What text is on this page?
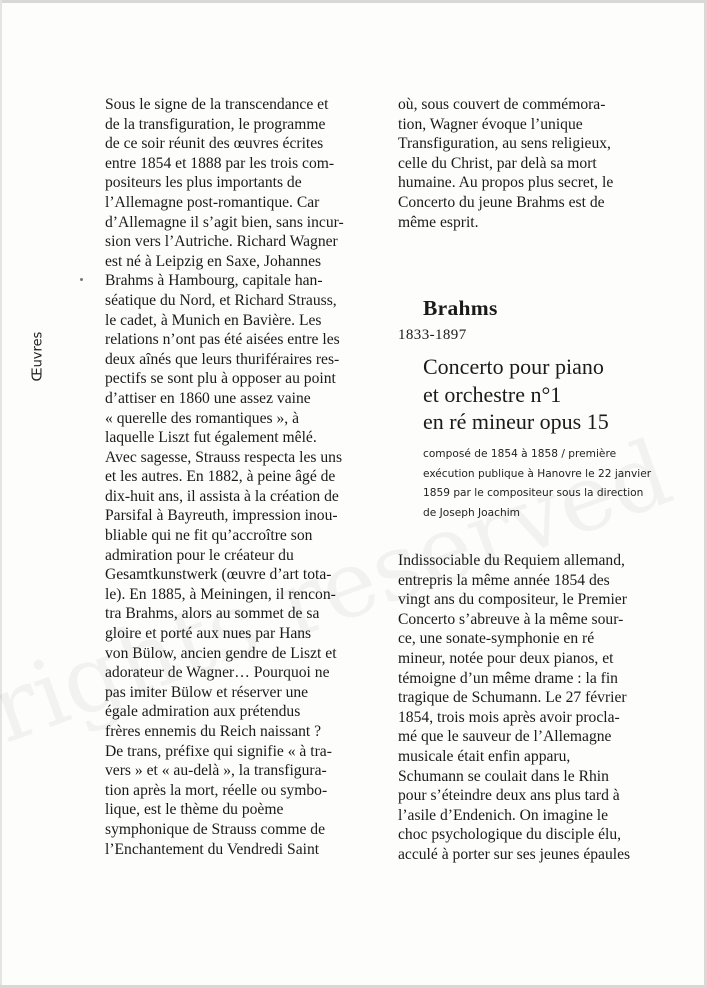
Œuvres

Sous le signe de la transcendance et
de la transfiguration, le programme
de ce soir réunit des œuvres écrites
entre 1854 et 1888 par les trois com-
positeurs les plus importants de
l’Allemagne post-romantique. Car
d’Allemagne il s’agit bien, sans incur-
sion vers l’Autriche. Richard Wagner
est né à Leipzig en Saxe, Johannes
Brahms à Hambourg, capitale han-
séatique du Nord, et Richard Strauss,
le cadet, à Munich en Bavière. Les
relations n’ont pas été aisées entre les
deux aînés que leurs thuriféraires res-
pectifs se sont plu à opposer au point
d’attiser en 1860 une assez vaine
« querelle des romantiques », à
laquelle Liszt fut également mêlé.
Avec sagesse, Strauss respecta les uns
et les autres. En 1882, à peine âgé de
dix-huit ans, il assista à la création de
Parsifal à Bayreuth, impression inou-
bliable qui ne fit qu’accroître son
admiration pour le créateur du
Gesamtkunstwerk (œuvre d’art tota-
le). En 1885, à Meiningen, il rencon-
tra Brahms, alors au sommet de sa
gloire et porté aux nues par Hans
von Bülow, ancien gendre de Liszt et
adorateur de Wagner… Pourquoi ne
pas imiter Bülow et réserver une
égale admiration aux prétendus
frères ennemis du Reich naissant ?
De trans, préfixe qui signifie « à tra-
vers » et « au-delà », la transfigura-
tion après la mort, réelle ou symbo-
lique, est le thème du poème
symphonique de Strauss comme de
l’Enchantement du Vendredi Saint

où, sous couvert de commémora-
tion, Wagner évoque l’unique
Transfiguration, au sens religieux,
celle du Christ, par delà sa mort
humaine. Au propos plus secret, le
Concerto du jeune Brahms est de
même esprit.

Brahms
1833-1897
Concerto pour piano
et orchestre n°1
en ré mineur opus 15
composé de 1854 à 1858 / première
exécution publique à Hanovre le 22 janvier
1859 par le compositeur sous la direction
de Joseph Joachim

Indissociable du Requiem allemand,
entrepris la même année 1854 des
vingt ans du compositeur, le Premier
Concerto s’abreuve à la même sour-
ce, une sonate-symphonie en ré
mineur, notée pour deux pianos, et
témoigne d’un même drame : la fin
tragique de Schumann. Le 27 février
1854, trois mois après avoir procla-
mé que le sauveur de l’Allemagne
musicale était enfin apparu,
Schumann se coulait dans le Rhin
pour s’éteindre deux ans plus tard à
l’asile d’Endenich. On imagine le
choc psychologique du disciple élu,
acculé à porter sur ses jeunes épaules
